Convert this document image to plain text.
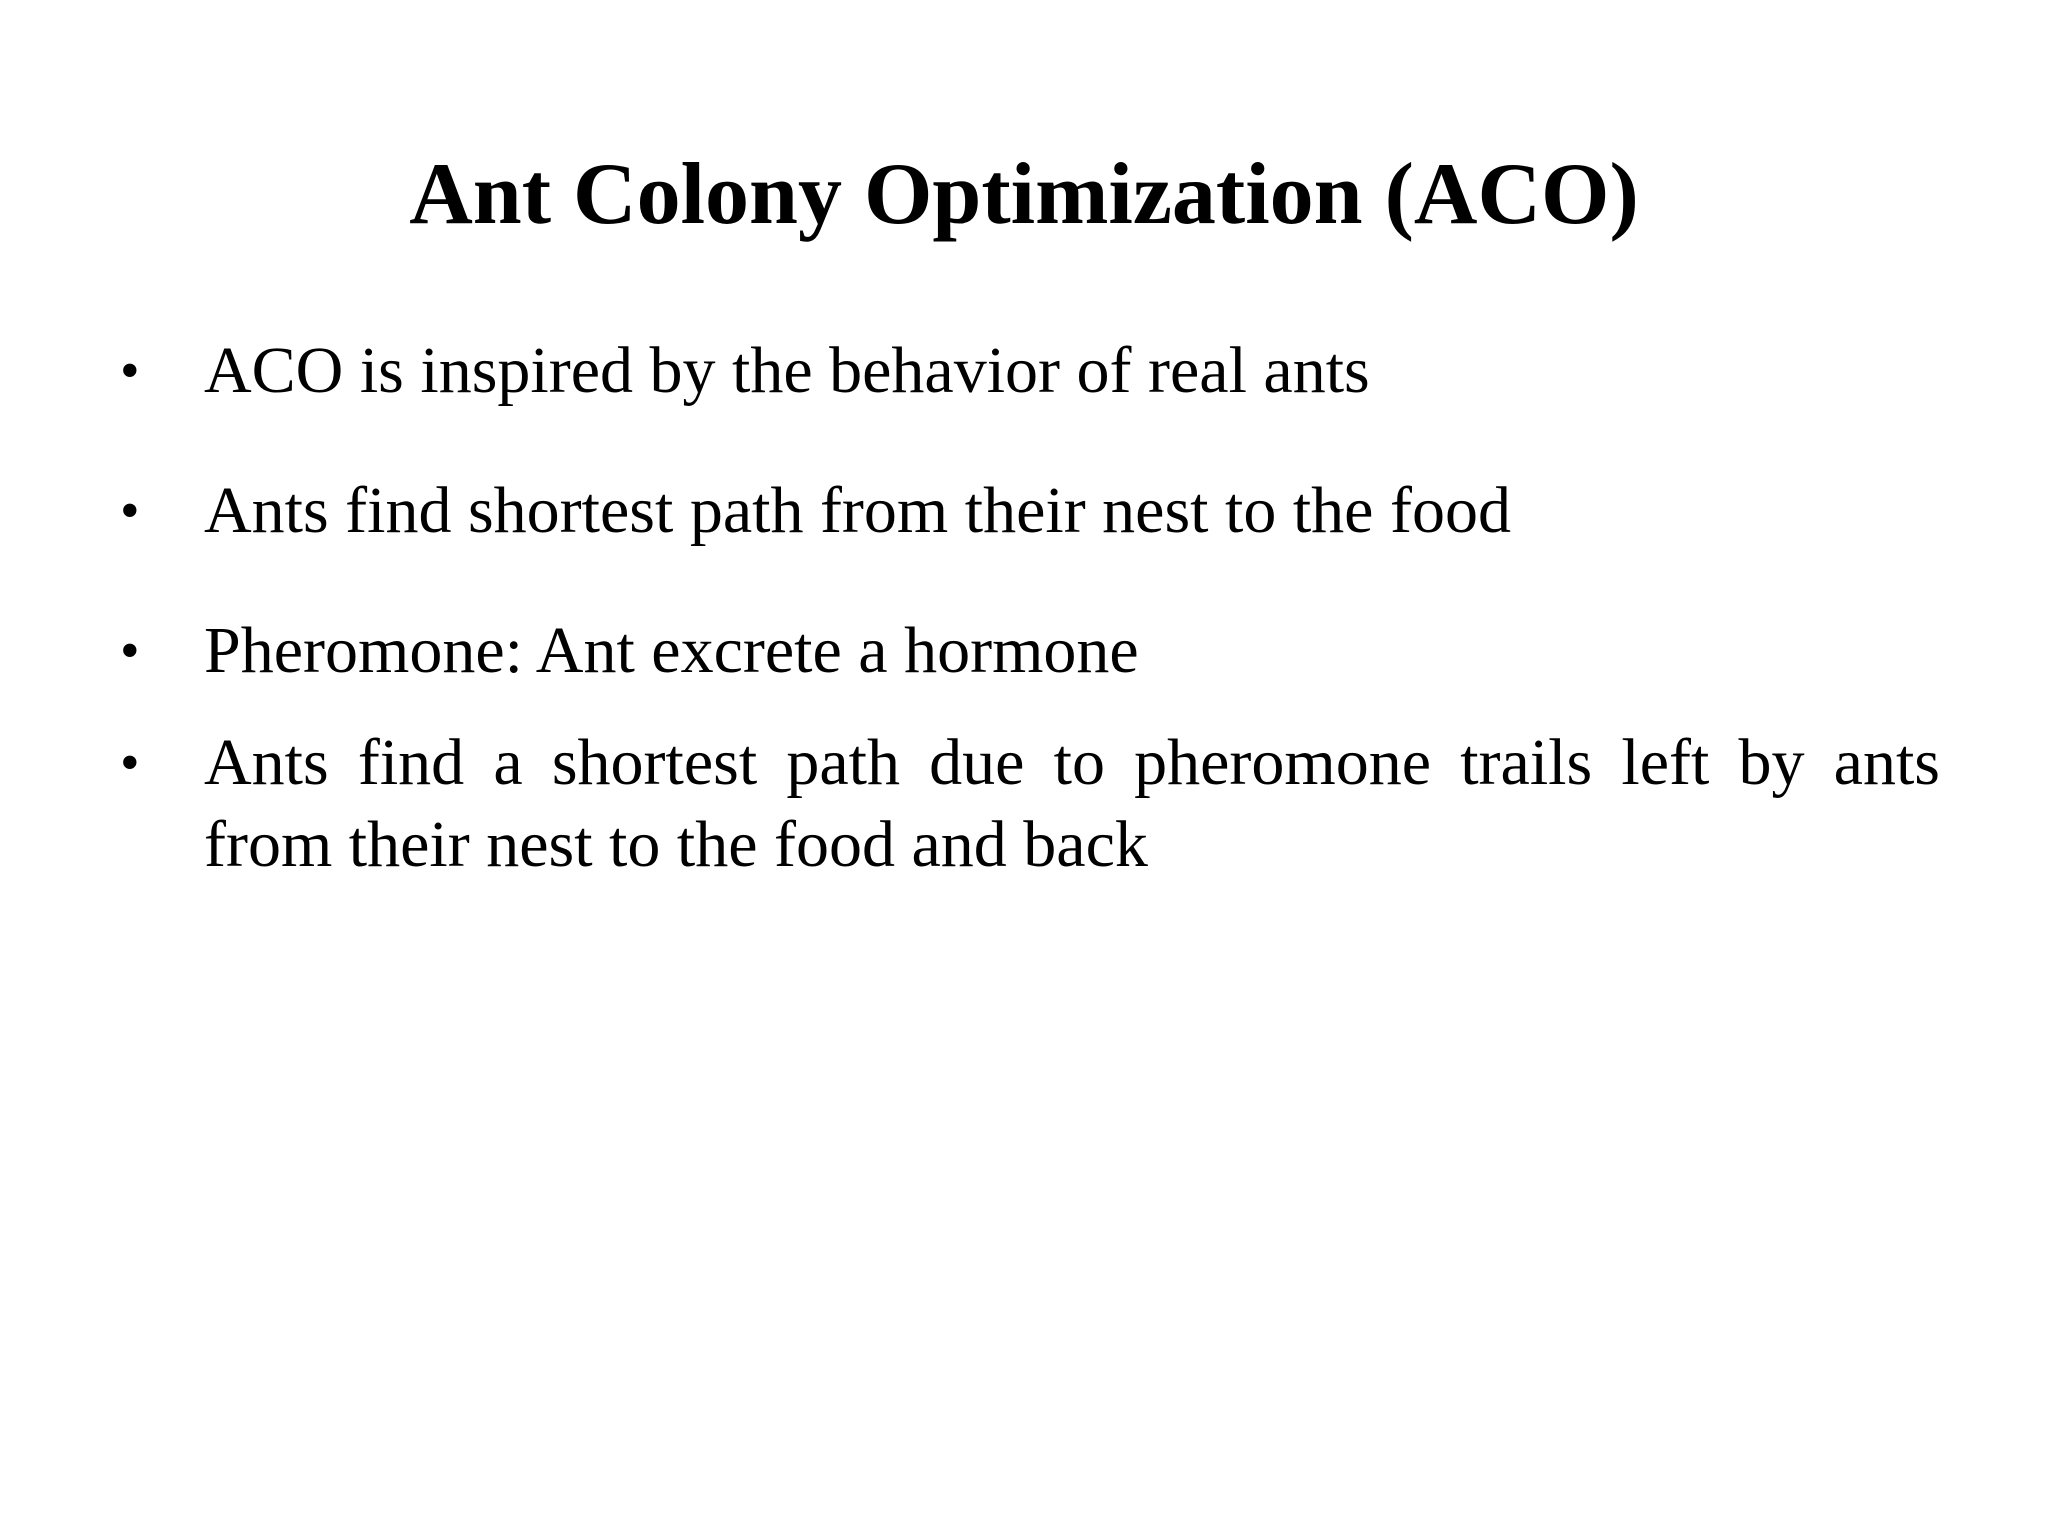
Ant Colony Optimization (ACO)
• ACO is inspired by the behavior of real ants
• Ants find shortest path from their nest to the food
• Pheromone: Ant excrete a hormone
• Ants find a shortest path due to pheromone trails left by ants from their nest to the food and back
